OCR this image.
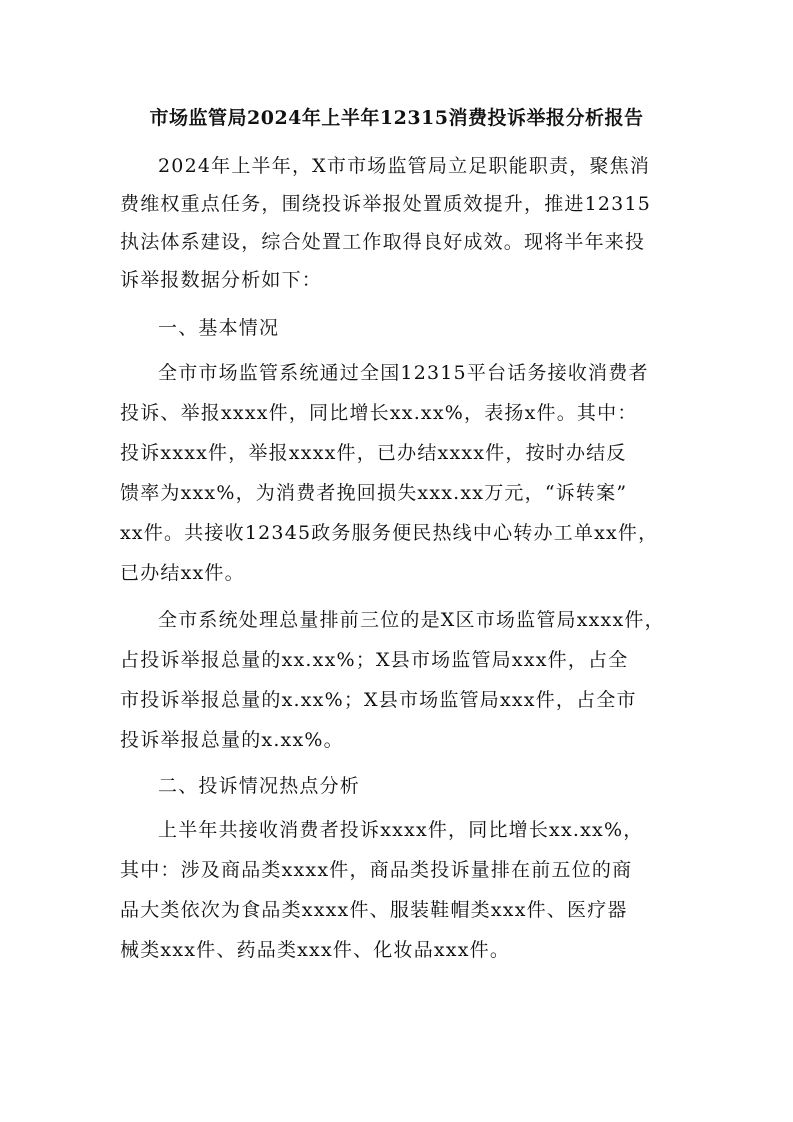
市场监管局2024年上半年12315消费投诉举报分析报告
2024年上半年，X市市场监管局立足职能职责，聚焦消
费维权重点任务，围绕投诉举报处置质效提升，推进12315
执法体系建设，综合处置工作取得良好成效。现将半年来投
诉举报数据分析如下：
一、基本情况
全市市场监管系统通过全国12315平台话务接收消费者
投诉、举报xxxx件，同比增长xx.xx%，表扬x件。其中：
投诉xxxx件，举报xxxx件，已办结xxxx件，按时办结反
馈率为xxx%，为消费者挽回损失xxx.xx万元，“诉转案”
xx件。共接收12345政务服务便民热线中心转办工单xx件，
已办结xx件。
全市系统处理总量排前三位的是X区市场监管局xxxx件，
占投诉举报总量的xx.xx%；X县市场监管局xxx件，占全
市投诉举报总量的x.xx%；X县市场监管局xxx件，占全市
投诉举报总量的x.xx%。
二、投诉情况热点分析
上半年共接收消费者投诉xxxx件，同比增长xx.xx%，
其中：涉及商品类xxxx件，商品类投诉量排在前五位的商
品大类依次为食品类xxxx件、服装鞋帽类xxx件、医疗器
械类xxx件、药品类xxx件、化妆品xxx件。
